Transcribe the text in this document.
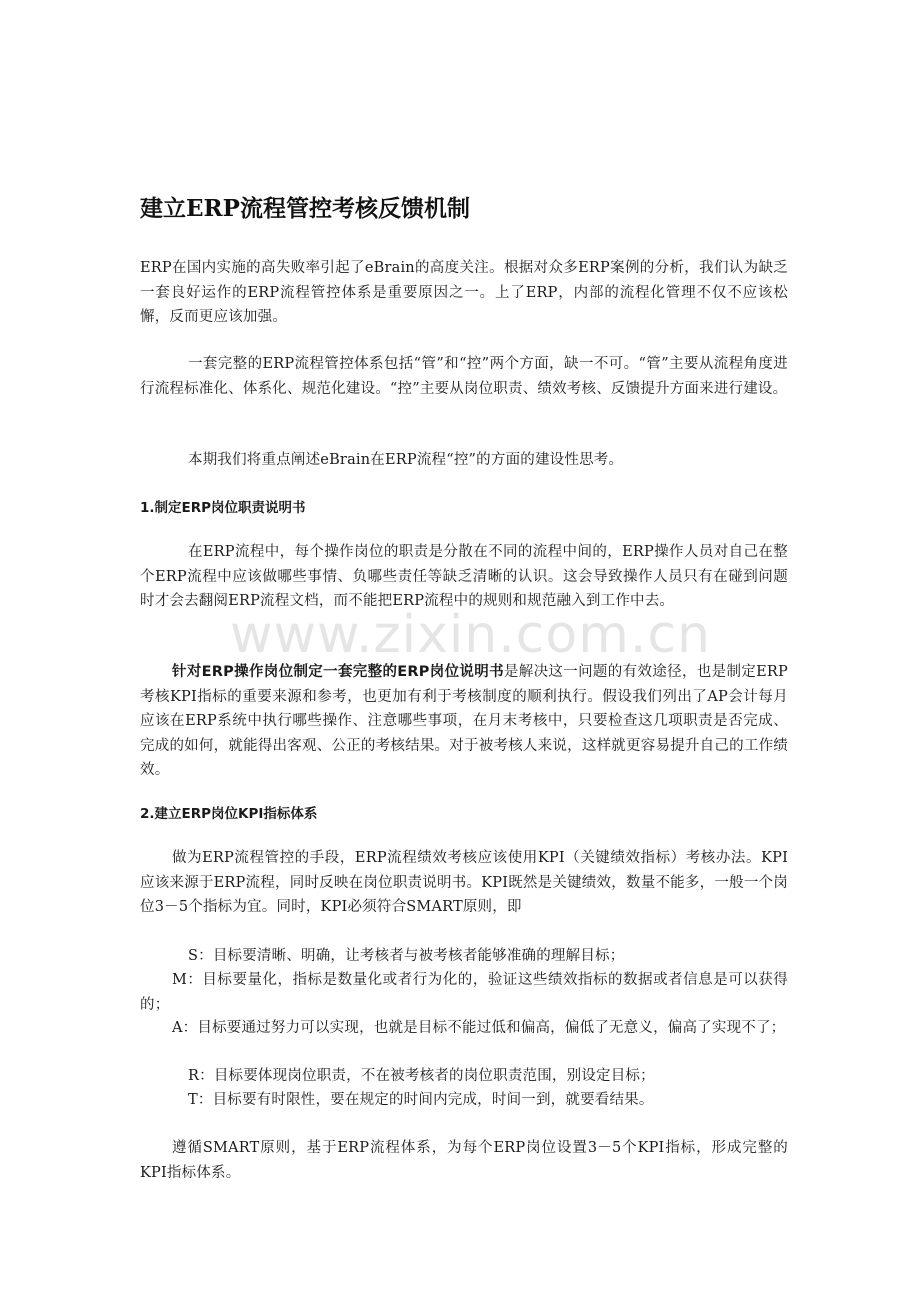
建立ERP流程管控考核反馈机制

ERP在国内实施的高失败率引起了eBrain的高度关注。根据对众多ERP案例的分析，我们认为缺乏一套良好运作的ERP流程管控体系是重要原因之一。上了ERP，内部的流程化管理不仅不应该松懈，反而更应该加强。

一套完整的ERP流程管控体系包括“管”和“控”两个方面，缺一不可。“管”主要从流程角度进行流程标准化、体系化、规范化建设。“控”主要从岗位职责、绩效考核、反馈提升方面来进行建设。

本期我们将重点阐述eBrain在ERP流程“控”的方面的建设性思考。

1.制定ERP岗位职责说明书

在ERP流程中，每个操作岗位的职责是分散在不同的流程中间的，ERP操作人员对自己在整个ERP流程中应该做哪些事情、负哪些责任等缺乏清晰的认识。这会导致操作人员只有在碰到问题时才会去翻阅ERP流程文档，而不能把ERP流程中的规则和规范融入到工作中去。

针对ERP操作岗位制定一套完整的ERP岗位说明书是解决这一问题的有效途径，也是制定ERP考核KPI指标的重要来源和参考，也更加有利于考核制度的顺利执行。假设我们列出了AP会计每月应该在ERP系统中执行哪些操作、注意哪些事项，在月末考核中，只要检查这几项职责是否完成、完成的如何，就能得出客观、公正的考核结果。对于被考核人来说，这样就更容易提升自己的工作绩效。

2.建立ERP岗位KPI指标体系

做为ERP流程管控的手段，ERP流程绩效考核应该使用KPI（关键绩效指标）考核办法。KPI应该来源于ERP流程，同时反映在岗位职责说明书。KPI既然是关键绩效，数量不能多，一般一个岗位3－5个指标为宜。同时，KPI必须符合SMART原则，即

S：目标要清晰、明确，让考核者与被考核者能够准确的理解目标；

M：目标要量化，指标是数量化或者行为化的，验证这些绩效指标的数据或者信息是可以获得的；

A：目标要通过努力可以实现，也就是目标不能过低和偏高，偏低了无意义，偏高了实现不了；

R：目标要体现岗位职责，不在被考核者的岗位职责范围，别设定目标；

T：目标要有时限性，要在规定的时间内完成，时间一到，就要看结果。

遵循SMART原则，基于ERP流程体系，为每个ERP岗位设置3－5个KPI指标，形成完整的KPI指标体系。

www.zixin.com.cn
